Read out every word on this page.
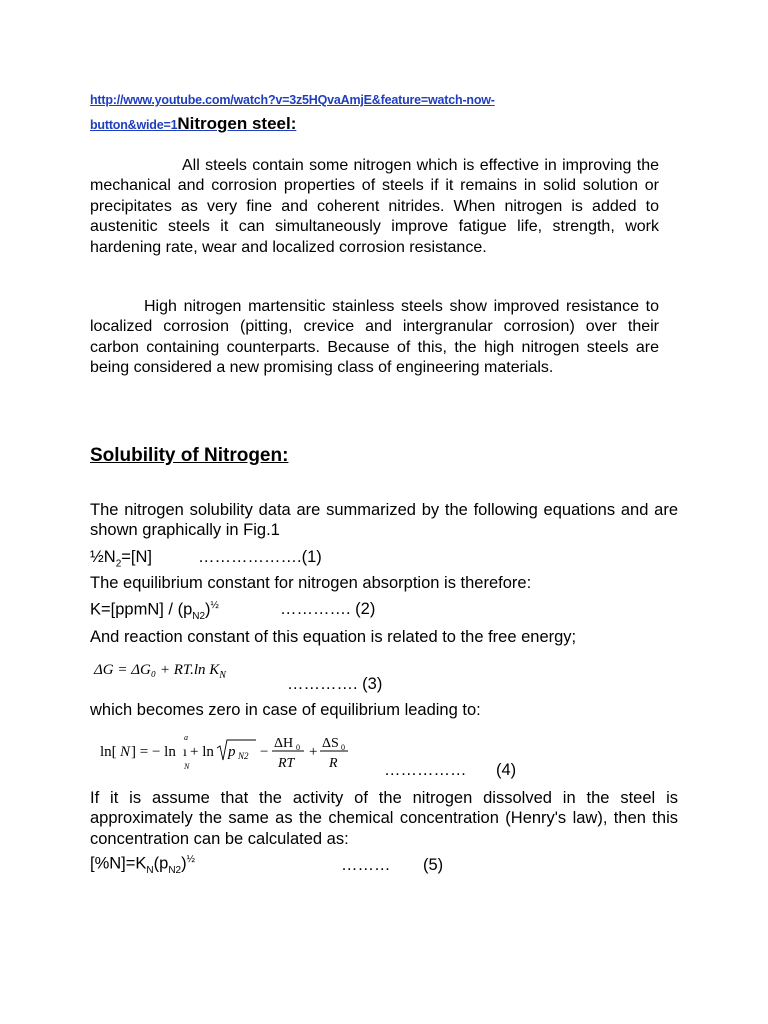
http://www.youtube.com/watch?v=3z5HQvaAmjE&feature=watch-now-
button&wide=1Nitrogen steel:
All steels contain some nitrogen which is effective in improving the mechanical and corrosion properties of steels if it remains in solid solution or precipitates as very fine and coherent nitrides. When nitrogen is added to austenitic steels it can simultaneously improve fatigue life, strength, work hardening rate, wear and localized corrosion resistance.
High nitrogen martensitic stainless steels show improved resistance to localized corrosion (pitting, crevice and intergranular corrosion) over their carbon containing counterparts. Because of this, the high nitrogen steels are being considered a new promising class of engineering materials.
Solubility of Nitrogen:
The nitrogen solubility data are summarized by the following equations and are shown graphically in Fig.1
$\frac{1}{2}N_2=[N]$	……………….(1)
The equilibrium constant for nitrogen absorption is therefore:
K=[ppmN] / $(p_{N2})^{\frac{1}{2}}$	…………. (2)
And reaction constant of this equation is related to the free energy;
ΔG = ΔG₀ + RT.ln $K_N$	…………. (3)
which becomes zero in case of equilibrium leading to:
ln[ N ] = − ln
a
ı
N
+ ln p N2 −
ΔH 0
RT
+
ΔS 0
R	…………… (4)
If it is assume that the activity of the nitrogen dissolved in the steel is approximately the same as the chemical concentration (Henry's law), then this concentration can be calculated as:
$[\%N]=K_N(p_{N2})^{\frac{1}{2}}$	……… (5)
